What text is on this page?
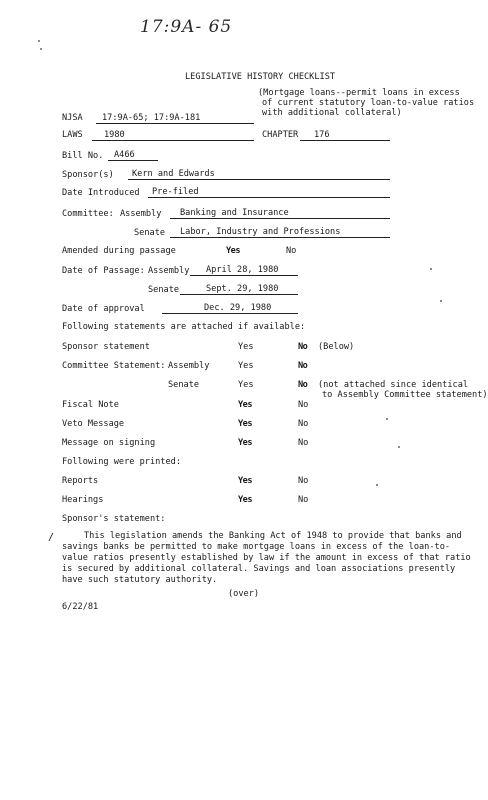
17:9A- 65
LEGISLATIVE HISTORY CHECKLIST
(Mortgage loans--permit loans in excess
of current statutory loan-to-value ratios
with additional collateral)
NJSA 17:9A-65; 17:9A-181
LAWS 1980	CHAPTER 176
Bill No. A466
Sponsor(s) Kern and Edwards
Date Introduced Pre-filed
Committee: Assembly Banking and Insurance
Senate Labor, Industry and Professions
Amended during passage	Yes	No
Date of Passage: Assembly April 28, 1980
Senate	Sept. 29, 1980
Date of approval	Dec. 29, 1980
Following statements are attached if available:
Sponsor statement	Yes	No (Below)
Committee Statement: Assembly	Yes	No
Senate	Yes	No (not attached since identical
to Assembly Committee statement)
Fiscal Note	Yes	No
Veto Message	Yes	No
Message on signing	Yes	No
Following were printed:
Reports	Yes	No
Hearings	Yes	No
Sponsor's statement:
/	This legislation amends the Banking Act of 1948 to provide that banks and savings banks be permitted to make mortgage loans in excess of the loan-to-value ratios presently established by law if the amount in excess of that ratio is secured by additional collateral. Savings and loan associations presently have such statutory authority.
(over)
6/22/81
